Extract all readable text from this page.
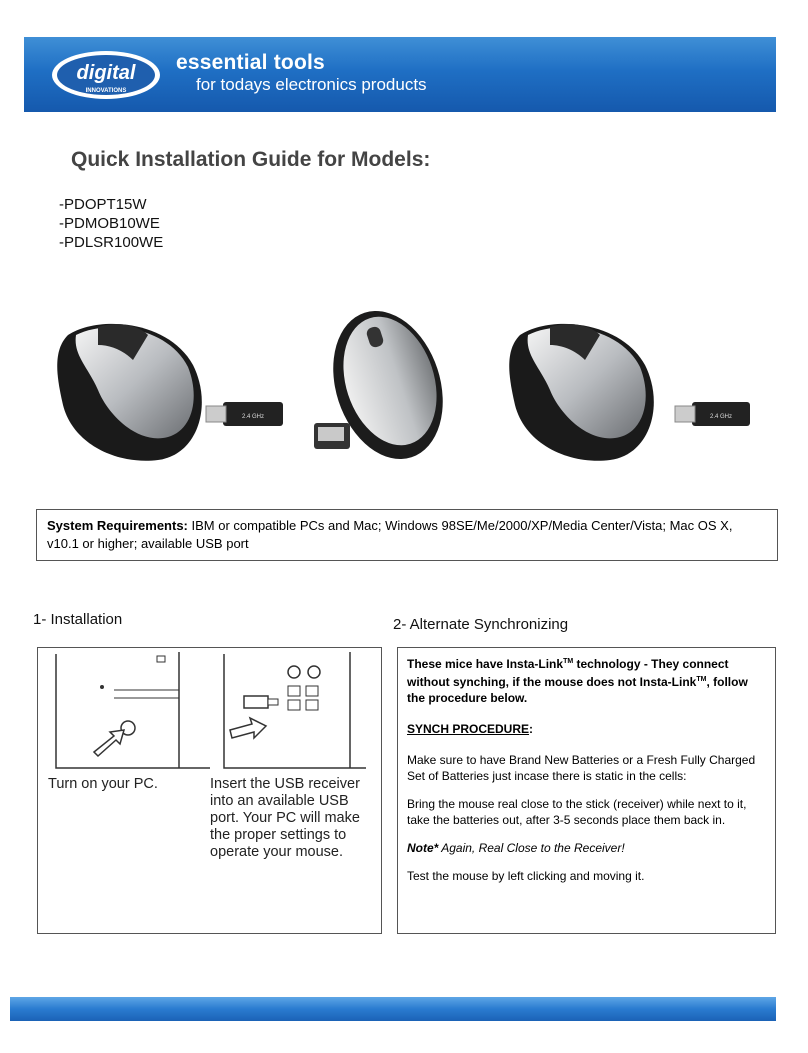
digital
INNOVATIONS
essential tools
for todays electronics products
Quick Installation Guide for Models:
-PDOPT15W
-PDMOB10WE
-PDLSR100WE
2.4 GHz	2.4 GHz
System Requirements: IBM or compatible PCs and Mac; Windows 98SE/Me/2000/XP/Media Center/Vista; Mac OS X, v10.1 or higher; available USB port
1- Installation	2- Alternate Synchronizing
Turn on your PC.	Insert the USB receiver into an available USB port. Your PC will make the proper settings to operate your mouse.

These mice have Insta-Link™ technology - They connect without synching, if the mouse does not Insta-Link™, follow the procedure below.

SYNCH PROCEDURE:

Make sure to have Brand New Batteries or a Fresh Fully Charged Set of Batteries just incase there is static in the cells:

Bring the mouse real close to the stick (receiver) while next to it, take the batteries out, after 3-5 seconds place them back in.

Note* Again, Real Close to the Receiver!

Test the mouse by left clicking and moving it.
